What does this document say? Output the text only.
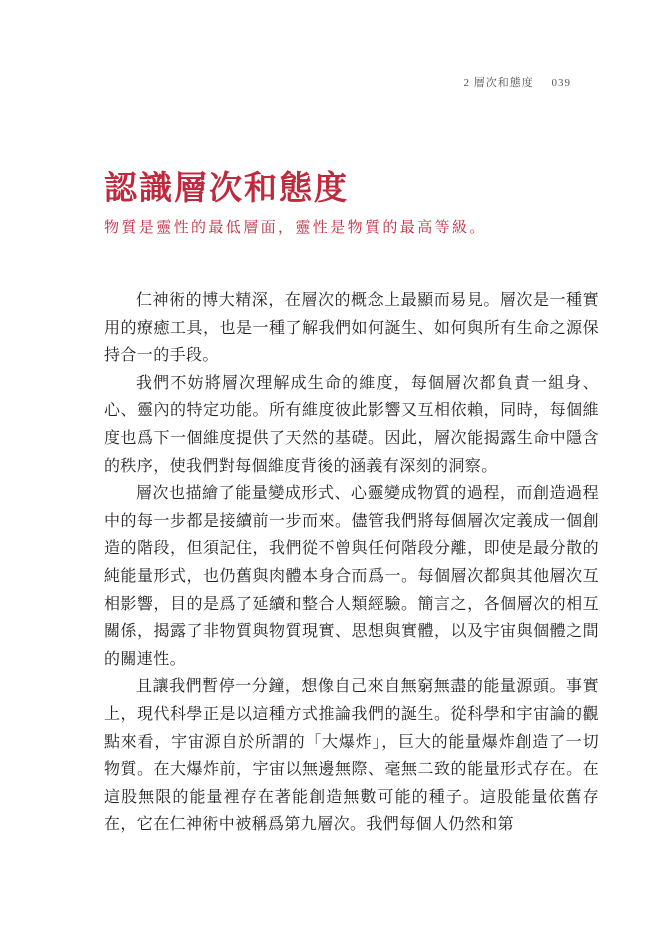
2 層次和態度 039
認識層次和態度

物質是靈性的最低層面，靈性是物質的最高等級。

仁神術的博大精深，在層次的概念上最顯而易見。層次是一種實用的療癒工具，也是一種了解我們如何誕生、如何與所有生命之源保持合一的手段。

我們不妨將層次理解成生命的維度，每個層次都負責一組身、心、靈內的特定功能。所有維度彼此影響又互相依賴，同時，每個維度也爲下一個維度提供了天然的基礎。因此，層次能揭露生命中隱含的秩序，使我們對每個維度背後的涵義有深刻的洞察。

層次也描繪了能量變成形式、心靈變成物質的過程，而創造過程中的每一步都是接續前一步而來。儘管我們將每個層次定義成一個創造的階段，但須記住，我們從不曾與任何階段分離，即使是最分散的純能量形式，也仍舊與肉體本身合而爲一。每個層次都與其他層次互相影響，目的是爲了延續和整合人類經驗。簡言之，各個層次的相互關係，揭露了非物質與物質現實、思想與實體，以及宇宙與個體之間的關連性。

且讓我們暫停一分鐘，想像自己來自無窮無盡的能量源頭。事實上，現代科學正是以這種方式推論我們的誕生。從科學和宇宙論的觀點來看，宇宙源自於所謂的「大爆炸」，巨大的能量爆炸創造了一切物質。在大爆炸前，宇宙以無邊無際、毫無二致的能量形式存在。在這股無限的能量裡存在著能創造無數可能的種子。這股能量依舊存在，它在仁神術中被稱爲第九層次。我們每個人仍然和第
